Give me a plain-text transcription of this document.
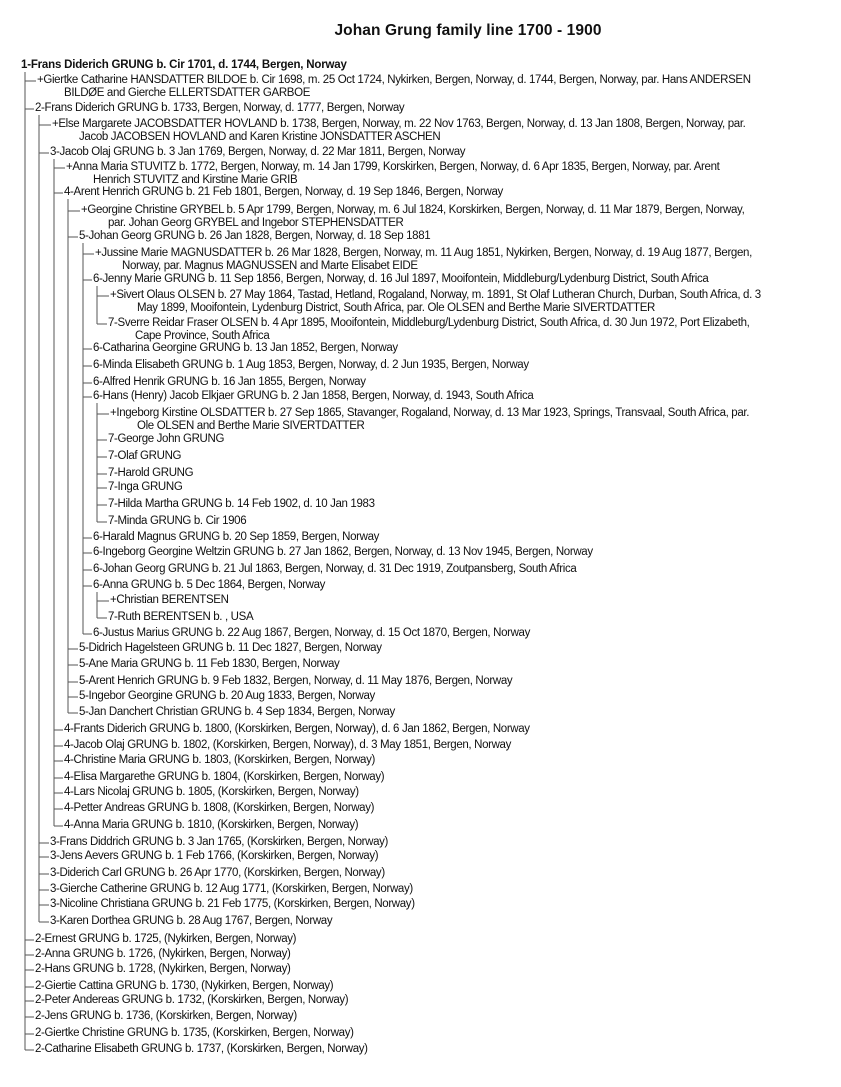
Johan Grung family line 1700 - 1900
1-Frans Diderich GRUNG b. Cir 1701, d. 1744, Bergen, Norway
+Giertke Catharine HANSDATTER BILDOE b. Cir 1698, m. 25 Oct 1724, Nykirken, Bergen, Norway, d. 1744, Bergen, Norway, par. Hans ANDERSEN
BILDØE and Gierche ELLERTSDATTER GARBOE
2-Frans Diderich GRUNG b. 1733, Bergen, Norway, d. 1777, Bergen, Norway
+Else Margarete JACOBSDATTER HOVLAND b. 1738, Bergen, Norway, m. 22 Nov 1763, Bergen, Norway, d. 13 Jan 1808, Bergen, Norway, par.
Jacob JACOBSEN HOVLAND and Karen Kristine JONSDATTER ASCHEN
3-Jacob Olaj GRUNG b. 3 Jan 1769, Bergen, Norway, d. 22 Mar 1811, Bergen, Norway
+Anna Maria STUVITZ b. 1772, Bergen, Norway, m. 14 Jan 1799, Korskirken, Bergen, Norway, d. 6 Apr 1835, Bergen, Norway, par. Arent
Henrich STUVITZ and Kirstine Marie GRIB
4-Arent Henrich GRUNG b. 21 Feb 1801, Bergen, Norway, d. 19 Sep 1846, Bergen, Norway
+Georgine Christine GRYBEL b. 5 Apr 1799, Bergen, Norway, m. 6 Jul 1824, Korskirken, Bergen, Norway, d. 11 Mar 1879, Bergen, Norway,
par. Johan Georg GRYBEL and Ingebor STEPHENSDATTER
5-Johan Georg GRUNG b. 26 Jan 1828, Bergen, Norway, d. 18 Sep 1881
+Jussine Marie MAGNUSDATTER b. 26 Mar 1828, Bergen, Norway, m. 11 Aug 1851, Nykirken, Bergen, Norway, d. 19 Aug 1877, Bergen,
Norway, par. Magnus MAGNUSSEN and Marte Elisabet EIDE
6-Jenny Marie GRUNG b. 11 Sep 1856, Bergen, Norway, d. 16 Jul 1897, Mooifontein, Middleburg/Lydenburg District, South Africa
+Sivert Olaus OLSEN b. 27 May 1864, Tastad, Hetland, Rogaland, Norway, m. 1891, St Olaf Lutheran Church, Durban, South Africa, d. 3
May 1899, Mooifontein, Lydenburg District, South Africa, par. Ole OLSEN and Berthe Marie SIVERTDATTER
7-Sverre Reidar Fraser OLSEN b. 4 Apr 1895, Mooifontein, Middleburg/Lydenburg District, South Africa, d. 30 Jun 1972, Port Elizabeth,
Cape Province, South Africa
6-Catharina Georgine GRUNG b. 13 Jan 1852, Bergen, Norway
6-Minda Elisabeth GRUNG b. 1 Aug 1853, Bergen, Norway, d. 2 Jun 1935, Bergen, Norway
6-Alfred Henrik GRUNG b. 16 Jan 1855, Bergen, Norway
6-Hans (Henry) Jacob Elkjaer GRUNG b. 2 Jan 1858, Bergen, Norway, d. 1943, South Africa
+Ingeborg Kirstine OLSDATTER b. 27 Sep 1865, Stavanger, Rogaland, Norway, d. 13 Mar 1923, Springs, Transvaal, South Africa, par.
Ole OLSEN and Berthe Marie SIVERTDATTER
7-George John GRUNG
7-Olaf GRUNG
7-Harold GRUNG
7-Inga GRUNG
7-Hilda Martha GRUNG b. 14 Feb 1902, d. 10 Jan 1983
7-Minda GRUNG b. Cir 1906
6-Harald Magnus GRUNG b. 20 Sep 1859, Bergen, Norway
6-Ingeborg Georgine Weltzin GRUNG b. 27 Jan 1862, Bergen, Norway, d. 13 Nov 1945, Bergen, Norway
6-Johan Georg GRUNG b. 21 Jul 1863, Bergen, Norway, d. 31 Dec 1919, Zoutpansberg, South Africa
6-Anna GRUNG b. 5 Dec 1864, Bergen, Norway
+Christian BERENTSEN
7-Ruth BERENTSEN b. , USA
6-Justus Marius GRUNG b. 22 Aug 1867, Bergen, Norway, d. 15 Oct 1870, Bergen, Norway
5-Didrich Hagelsteen GRUNG b. 11 Dec 1827, Bergen, Norway
5-Ane Maria GRUNG b. 11 Feb 1830, Bergen, Norway
5-Arent Henrich GRUNG b. 9 Feb 1832, Bergen, Norway, d. 11 May 1876, Bergen, Norway
5-Ingebor Georgine GRUNG b. 20 Aug 1833, Bergen, Norway
5-Jan Danchert Christian GRUNG b. 4 Sep 1834, Bergen, Norway
4-Frants Diderich GRUNG b. 1800, (Korskirken, Bergen, Norway), d. 6 Jan 1862, Bergen, Norway
4-Jacob Olaj GRUNG b. 1802, (Korskirken, Bergen, Norway), d. 3 May 1851, Bergen, Norway
4-Christine Maria GRUNG b. 1803, (Korskirken, Bergen, Norway)
4-Elisa Margarethe GRUNG b. 1804, (Korskirken, Bergen, Norway)
4-Lars Nicolaj GRUNG b. 1805, (Korskirken, Bergen, Norway)
4-Petter Andreas GRUNG b. 1808, (Korskirken, Bergen, Norway)
4-Anna Maria GRUNG b. 1810, (Korskirken, Bergen, Norway)
3-Frans Diddrich GRUNG b. 3 Jan 1765, (Korskirken, Bergen, Norway)
3-Jens Aevers GRUNG b. 1 Feb 1766, (Korskirken, Bergen, Norway)
3-Diderich Carl GRUNG b. 26 Apr 1770, (Korskirken, Bergen, Norway)
3-Gierche Catherine GRUNG b. 12 Aug 1771, (Korskirken, Bergen, Norway)
3-Nicoline Christiana GRUNG b. 21 Feb 1775, (Korskirken, Bergen, Norway)
3-Karen Dorthea GRUNG b. 28 Aug 1767, Bergen, Norway
2-Ernest GRUNG b. 1725, (Nykirken, Bergen, Norway)
2-Anna GRUNG b. 1726, (Nykirken, Bergen, Norway)
2-Hans GRUNG b. 1728, (Nykirken, Bergen, Norway)
2-Giertie Cattina GRUNG b. 1730, (Nykirken, Bergen, Norway)
2-Peter Andereas GRUNG b. 1732, (Korskirken, Bergen, Norway)
2-Jens GRUNG b. 1736, (Korskirken, Bergen, Norway)
2-Giertke Christine GRUNG b. 1735, (Korskirken, Bergen, Norway)
2-Catharine Elisabeth GRUNG b. 1737, (Korskirken, Bergen, Norway)
